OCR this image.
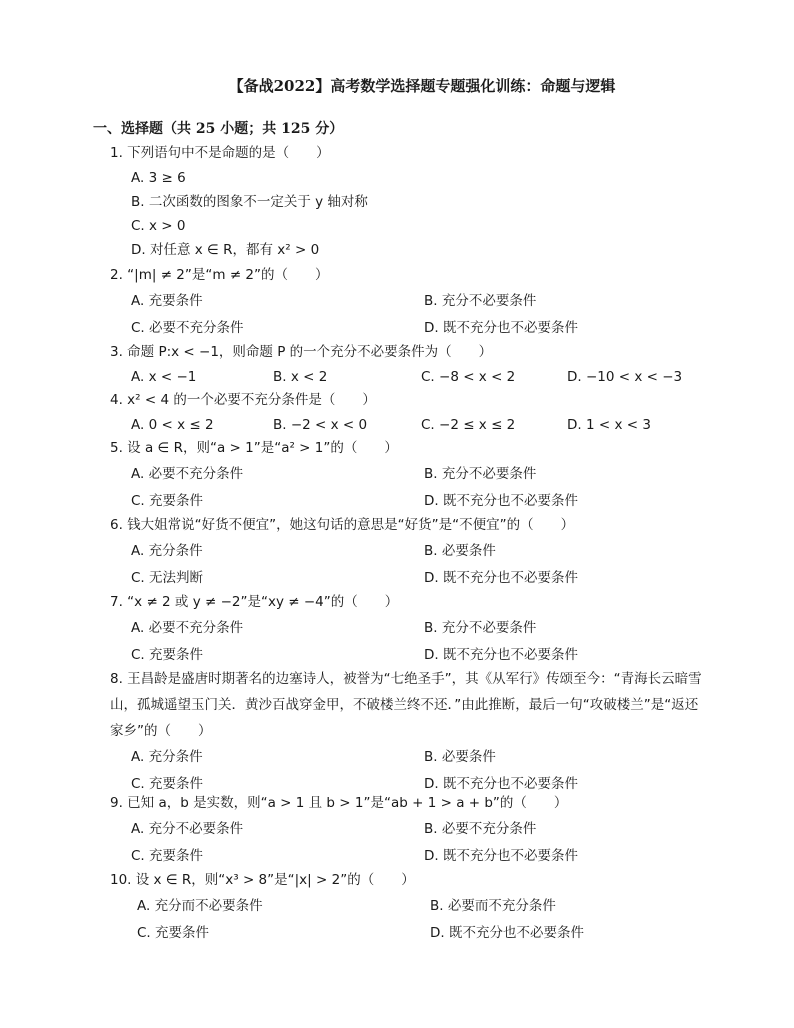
【备战2022】高考数学选择题专题强化训练：命题与逻辑
一、选择题（共 25 小题；共 125 分）
1. 下列语句中不是命题的是（　　）
A. 3 ≥ 6
B. 二次函数的图象不一定关于 y 轴对称
C. x > 0
D. 对任意 x ∈ R，都有 x² > 0
2. “|m| ≠ 2”是“m ≠ 2”的（　　）
A. 充要条件	B. 充分不必要条件
C. 必要不充分条件	D. 既不充分也不必要条件
3. 命题 P:x < −1，则命题 P 的一个充分不必要条件为（　　）
A. x < −1	B. x < 2	C. −8 < x < 2	D. −10 < x < −3
4. x² < 4 的一个必要不充分条件是（　　）
A. 0 < x ≤ 2	B. −2 < x < 0	C. −2 ≤ x ≤ 2	D. 1 < x < 3
5. 设 a ∈ R，则“a > 1”是“a² > 1”的（　　）
A. 必要不充分条件	B. 充分不必要条件
C. 充要条件	D. 既不充分也不必要条件
6. 钱大姐常说“好货不便宜”，她这句话的意思是“好货”是“不便宜”的（　　）
A. 充分条件	B. 必要条件
C. 无法判断	D. 既不充分也不必要条件
7. “x ≠ 2 或 y ≠ −2”是“xy ≠ −4”的（　　）
A. 必要不充分条件	B. 充分不必要条件
C. 充要条件	D. 既不充分也不必要条件
8. 王昌龄是盛唐时期著名的边塞诗人，被誉为“七绝圣手”，其《从军行》传颂至今：“青海长云暗雪山，孤城遥望玉门关．黄沙百战穿金甲，不破楼兰终不还．”由此推断，最后一句“攻破楼兰”是“返还家乡”的（　　）
A. 充分条件	B. 必要条件
C. 充要条件	D. 既不充分也不必要条件
9. 已知 a，b 是实数，则“a > 1 且 b > 1”是“ab + 1 > a + b”的（　　）
A. 充分不必要条件	B. 必要不充分条件
C. 充要条件	D. 既不充分也不必要条件
10. 设 x ∈ R，则“x³ > 8”是“|x| > 2”的（　　）
A. 充分而不必要条件	B. 必要而不充分条件
C. 充要条件	D. 既不充分也不必要条件
